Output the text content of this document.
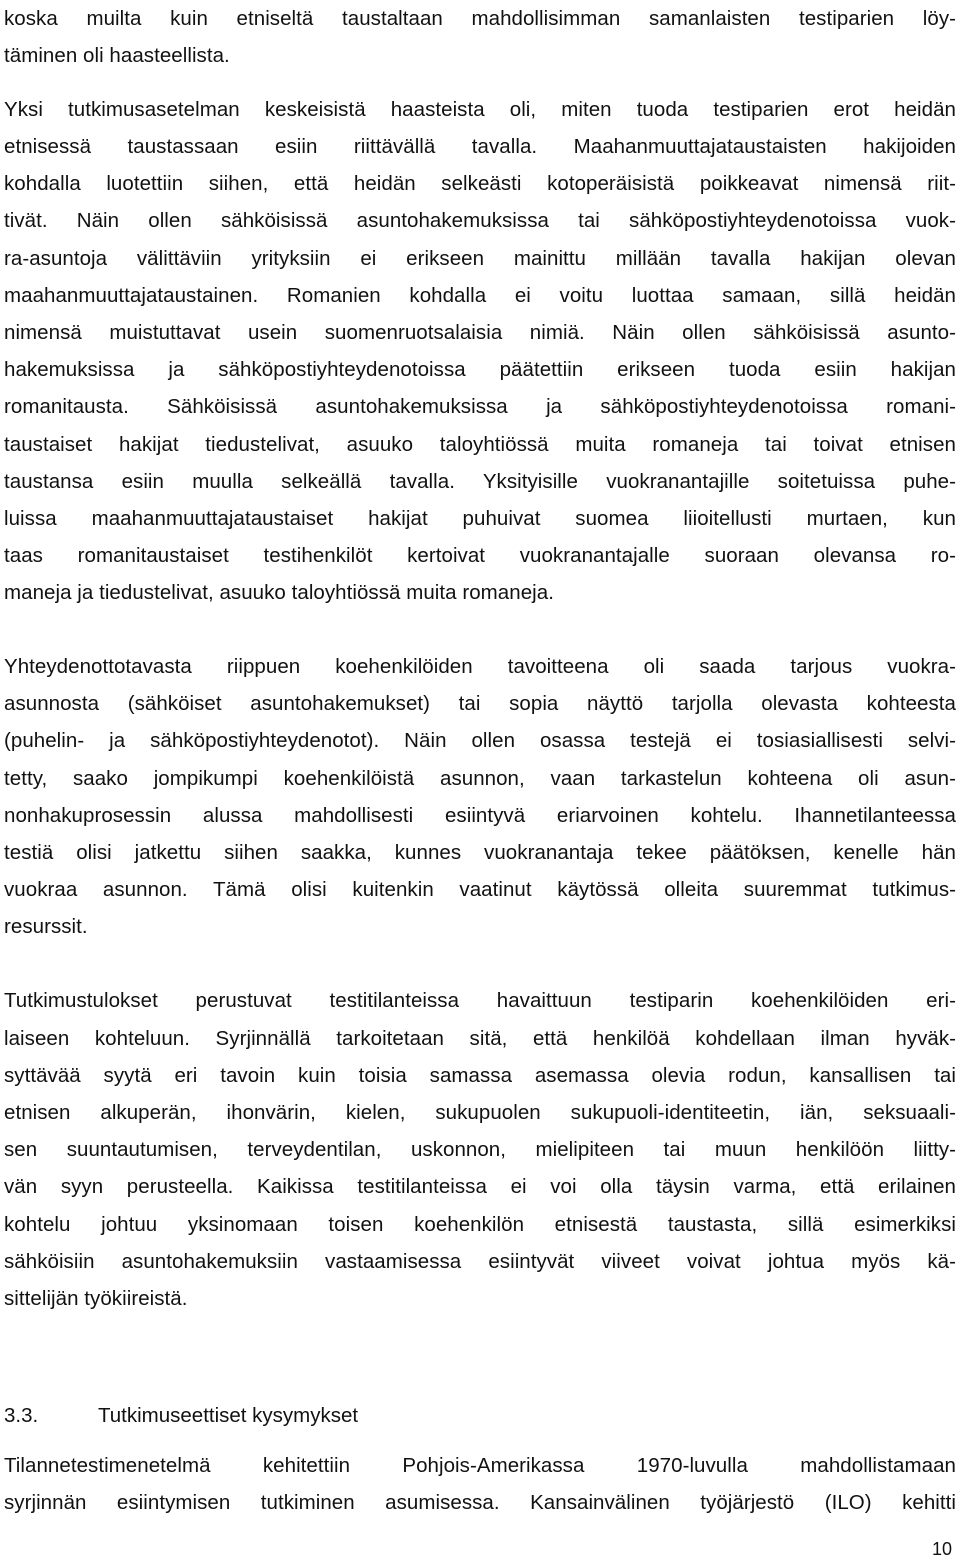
koska muilta kuin etniseltä taustaltaan mahdollisimman samanlaisten testiparien löy-
täminen oli haasteellista.
Yksi tutkimusasetelman keskeisistä haasteista oli, miten tuoda testiparien erot heidän
etnisessä taustassaan esiin riittävällä tavalla. Maahanmuuttajataustaisten hakijoiden
kohdalla luotettiin siihen, että heidän selkeästi kotoperäisistä poikkeavat nimensä riit-
tivät. Näin ollen sähköisissä asuntohakemuksissa tai sähköpostiyhteydenotoissa vuok-
ra-asuntoja välittäviin yrityksiin ei erikseen mainittu millään tavalla hakijan olevan
maahanmuuttajataustainen. Romanien kohdalla ei voitu luottaa samaan, sillä heidän
nimensä muistuttavat usein suomenruotsalaisia nimiä. Näin ollen sähköisissä asunto-
hakemuksissa ja sähköpostiyhteydenotoissa päätettiin erikseen tuoda esiin hakijan
romanitausta. Sähköisissä asuntohakemuksissa ja sähköpostiyhteydenotoissa romani-
taustaiset hakijat tiedustelivat, asuuko taloyhtiössä muita romaneja tai toivat etnisen
taustansa esiin muulla selkeällä tavalla. Yksityisille vuokranantajille soitetuissa puhe-
luissa maahanmuuttajataustaiset hakijat puhuivat suomea liioitellusti murtaen, kun
taas romanitaustaiset testihenkilöt kertoivat vuokranantajalle suoraan olevansa ro-
maneja ja tiedustelivat, asuuko taloyhtiössä muita romaneja.
Yhteydenottotavasta riippuen koehenkilöiden tavoitteena oli saada tarjous vuokra-
asunnosta (sähköiset asuntohakemukset) tai sopia näyttö tarjolla olevasta kohteesta
(puhelin- ja sähköpostiyhteydenotot). Näin ollen osassa testejä ei tosiasiallisesti selvi-
tetty, saako jompikumpi koehenkilöistä asunnon, vaan tarkastelun kohteena oli asun-
nonhakuprosessin alussa mahdollisesti esiintyvä eriarvoinen kohtelu. Ihannetilanteessa
testiä olisi jatkettu siihen saakka, kunnes vuokranantaja tekee päätöksen, kenelle hän
vuokraa asunnon. Tämä olisi kuitenkin vaatinut käytössä olleita suuremmat tutkimus-
resurssit.
Tutkimustulokset perustuvat testitilanteissa havaittuun testiparin koehenkilöiden eri-
laiseen kohteluun. Syrjinnällä tarkoitetaan sitä, että henkilöä kohdellaan ilman hyväk-
syttävää syytä eri tavoin kuin toisia samassa asemassa olevia rodun, kansallisen tai
etnisen alkuperän, ihonvärin, kielen, sukupuolen sukupuoli-identiteetin, iän, seksuaali-
sen suuntautumisen, terveydentilan, uskonnon, mielipiteen tai muun henkilöön liitty-
vän syyn perusteella. Kaikissa testitilanteissa ei voi olla täysin varma, että erilainen
kohtelu johtuu yksinomaan toisen koehenkilön etnisestä taustasta, sillä esimerkiksi
sähköisiin asuntohakemuksiin vastaamisessa esiintyvät viiveet voivat johtua myös kä-
sittelijän työkiireistä.
3.3.	Tutkimuseettiset kysymykset
Tilannetestimenetelmä kehitettiin Pohjois-Amerikassa 1970-luvulla mahdollistamaan
syrjinnän esiintymisen tutkiminen asumisessa. Kansainvälinen työjärjestö (ILO) kehitti
10
